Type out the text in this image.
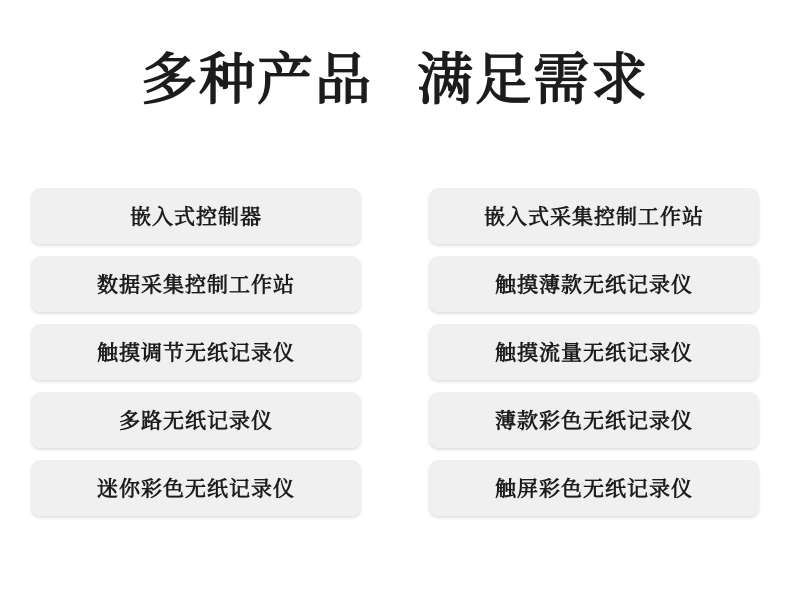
多种产品 满足需求
嵌入式控制器
数据采集控制工作站
触摸调节无纸记录仪
多路无纸记录仪
迷你彩色无纸记录仪
嵌入式采集控制工作站
触摸薄款无纸记录仪
触摸流量无纸记录仪
薄款彩色无纸记录仪
触屏彩色无纸记录仪
